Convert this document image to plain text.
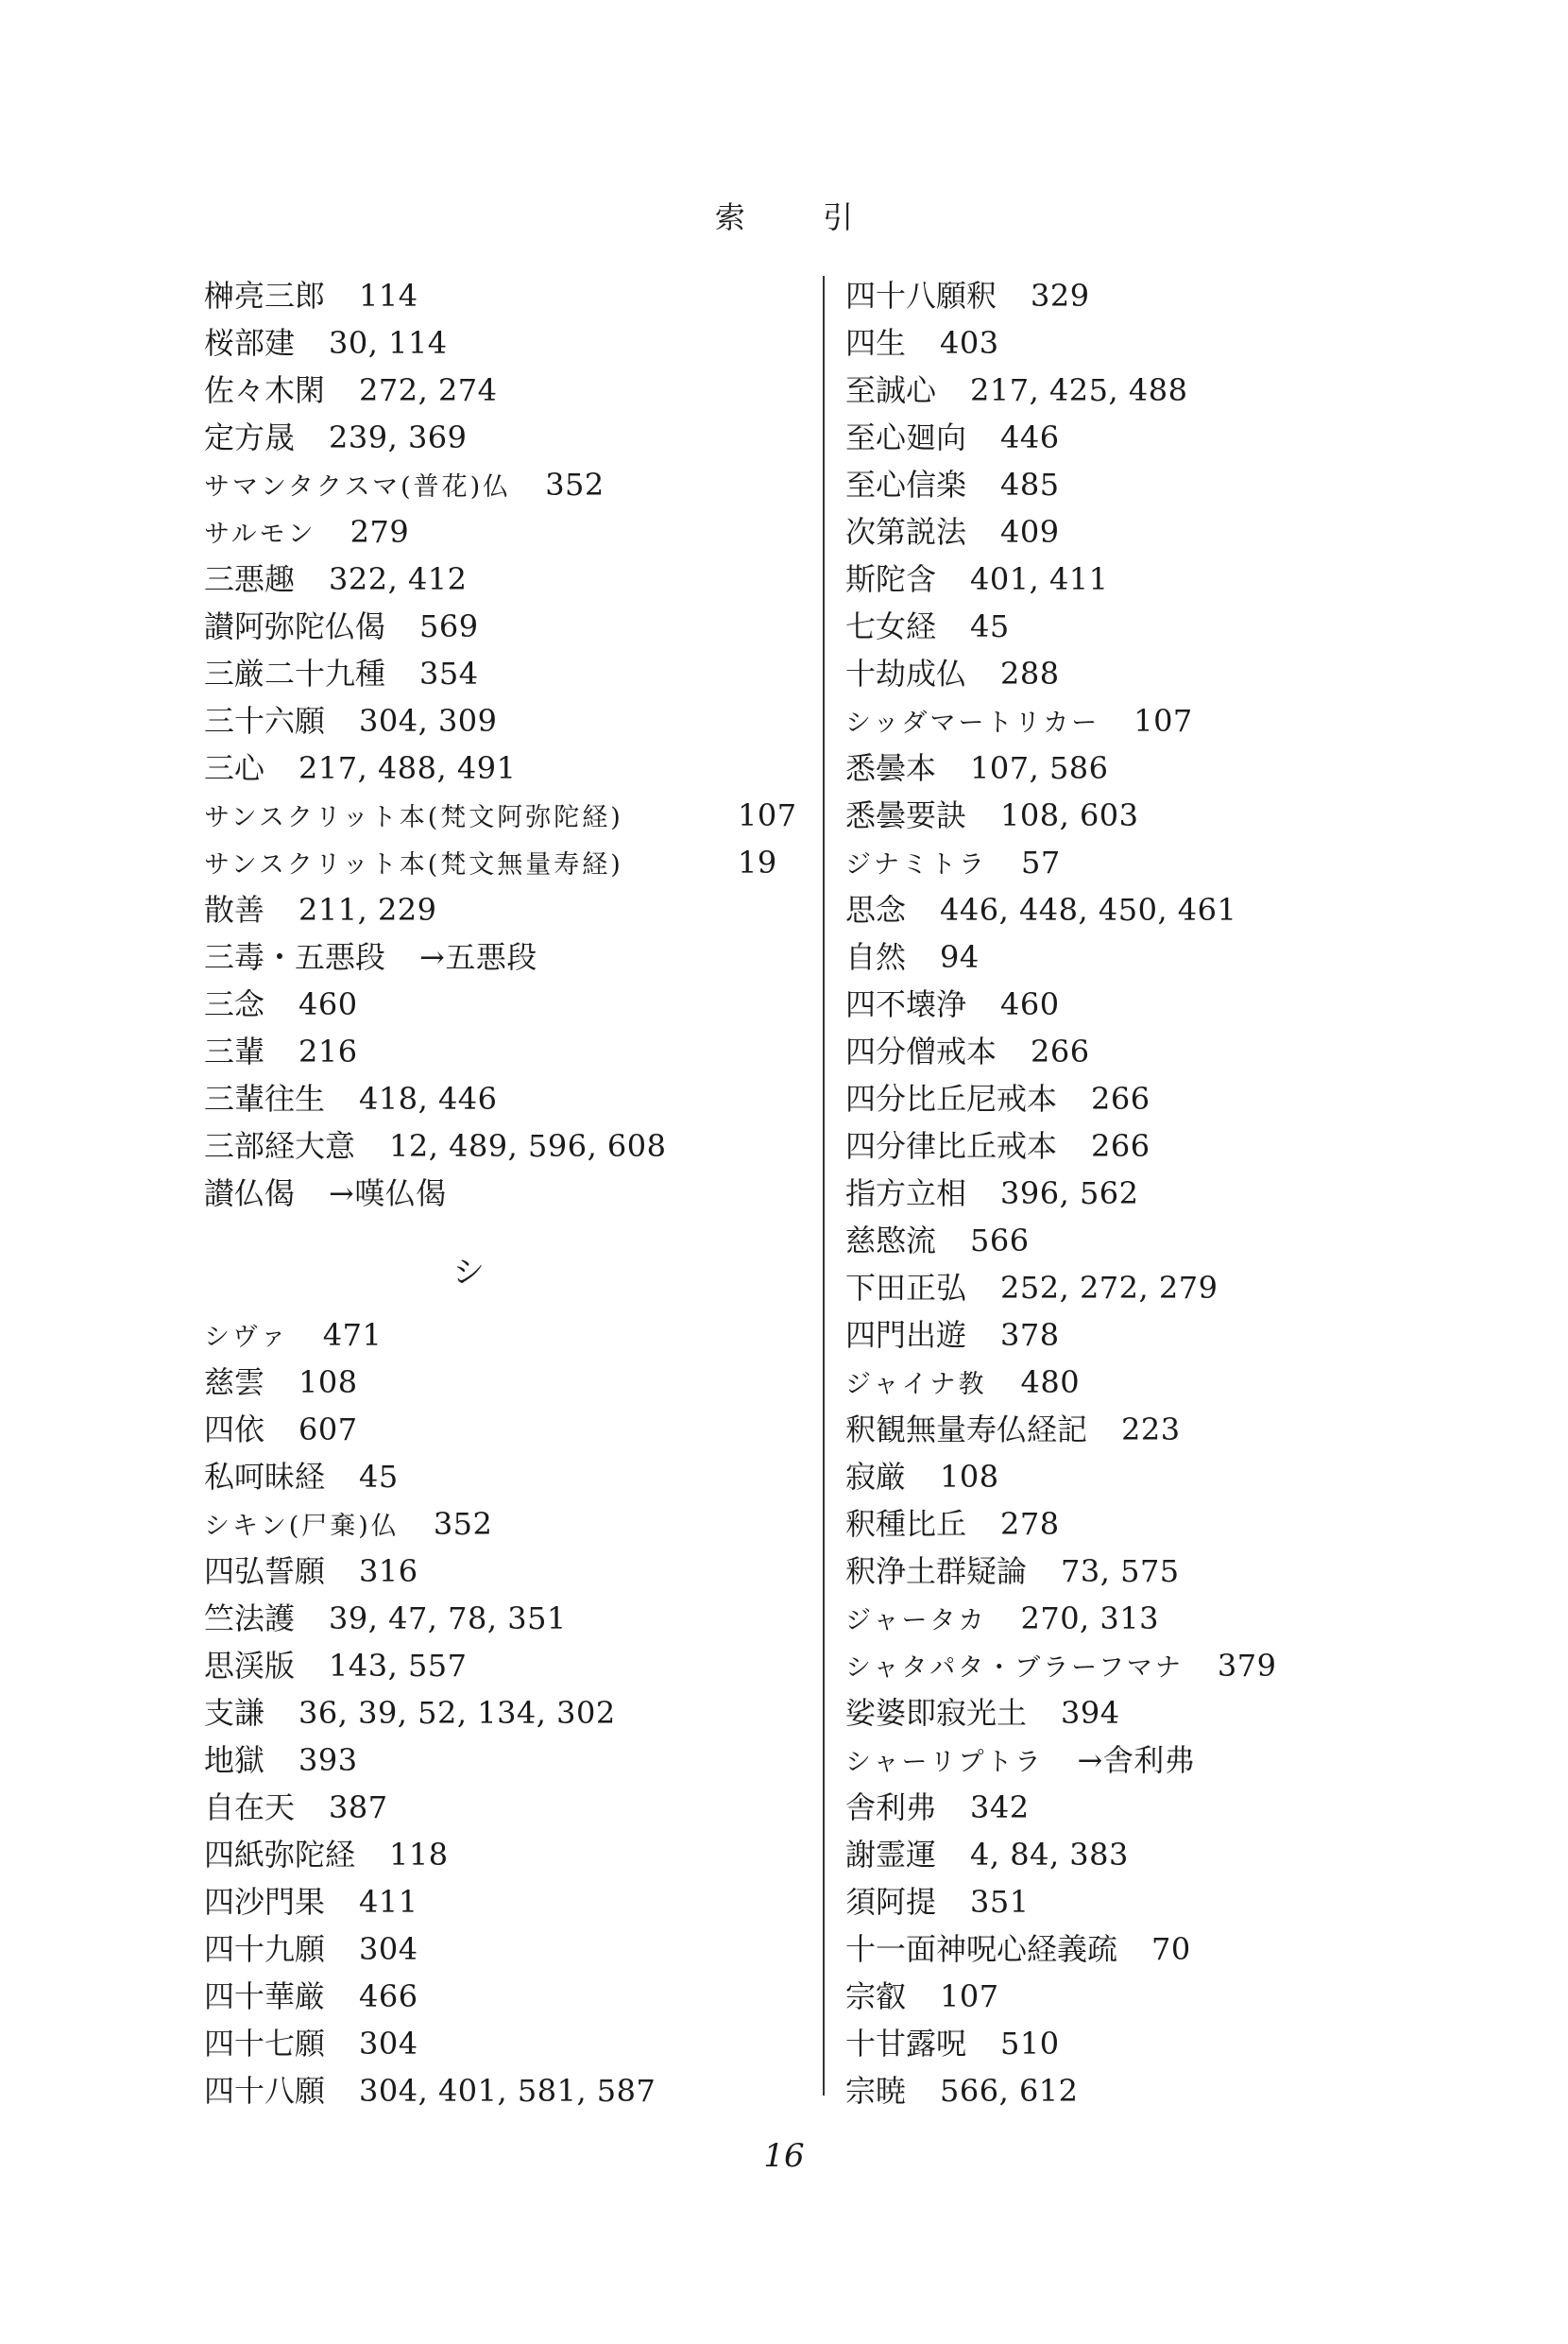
索	引
榊亮三郎 114
桜部建 30, 114
佐々木閑 272, 274
定方晟 239, 369
サマンタクスマ(普花)仏 352
サルモン 279
三悪趣 322, 412
讃阿弥陀仏偈 569
三厳二十九種 354
三十六願 304, 309
三心 217, 488, 491
サンスクリット本(梵文阿弥陀経)	107
サンスクリット本(梵文無量寿経)	19
散善 211, 229
三毒・五悪段 →五悪段
三念 460
三輩 216
三輩往生 418, 446
三部経大意 12, 489, 596, 608
讃仏偈 →嘆仏偈
シ
シヴァ 471
慈雲 108
四依 607
私呵昧経 45
シキン(尸棄)仏 352
四弘誓願 316
竺法護 39, 47, 78, 351
思渓版 143, 557
支謙 36, 39, 52, 134, 302
地獄 393
自在天 387
四紙弥陀経 118
四沙門果 411
四十九願 304
四十華厳 466
四十七願 304
四十八願 304, 401, 581, 587
四十八願釈 329
四生 403
至誠心 217, 425, 488
至心廻向 446
至心信楽 485
次第説法 409
斯陀含 401, 411
七女経 45
十劫成仏 288
シッダマートリカー 107
悉曇本 107, 586
悉曇要訣 108, 603
ジナミトラ 57
思念 446, 448, 450, 461
自然 94
四不壊浄 460
四分僧戒本 266
四分比丘尼戒本 266
四分律比丘戒本 266
指方立相 396, 562
慈愍流 566
下田正弘 252, 272, 279
四門出遊 378
ジャイナ教 480
釈観無量寿仏経記 223
寂厳 108
釈種比丘 278
釈浄土群疑論 73, 575
ジャータカ 270, 313
シャタパタ・ブラーフマナ 379
娑婆即寂光土 394
シャーリプトラ →舎利弗
舎利弗 342
謝霊運 4, 84, 383
須阿提 351
十一面神呪心経義疏 70
宗叡 107
十甘露呪 510
宗暁 566, 612
16
